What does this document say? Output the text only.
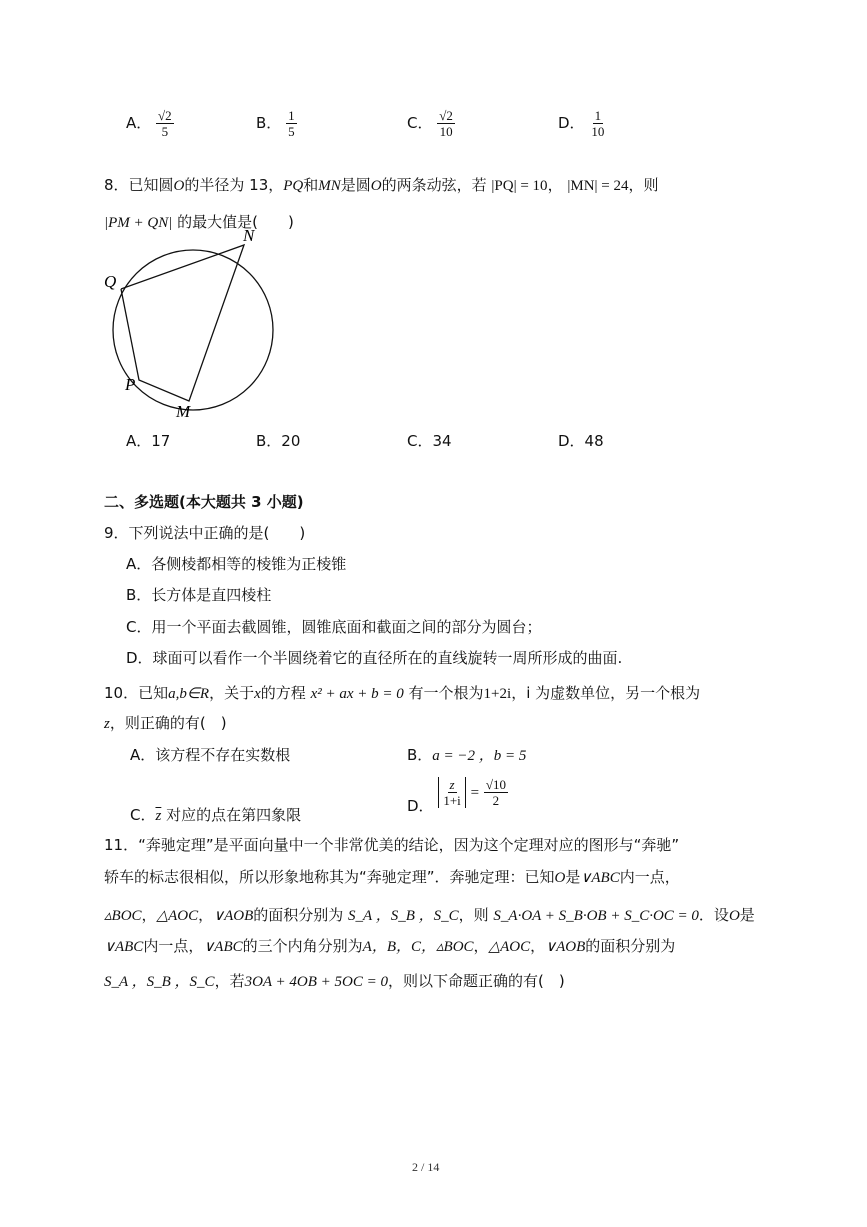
A． $\frac{√2}{5}$	B． $\frac{1}{5}$	C． $\frac{√2}{10}$	D． $\frac{1}{10}$
8．已知圆O的半径为 13，PQ和MN是圆O的两条动弦，若 |PQ| = 10， |MN| = 24，则
|PM + QN| 的最大值是(　　)
N
Q
P
M
A．17	B．20	C．34	D．48
二、多选题(本大题共 3 小题)
9．下列说法中正确的是(　　)
A．各侧棱都相等的棱锥为正棱锥
B．长方体是直四棱柱
C．用一个平面去截圆锥，圆锥底面和截面之间的部分为圆台；
D．球面可以看作一个半圆绕着它的直径所在的直线旋转一周所形成的曲面.
10．已知a,b∈R，关于x的方程 x² + ax + b = 0 有一个根为1+2i，i 为虚数单位，另一个根为
z，则正确的有(　)
A．该方程不存在实数根	B．a = −2 ，b = 5
C．$\overline{z}$ 对应的点在第四象限	D． $\frac{z}{1+i} = \frac{√10}{2}$
11．“奔驰定理”是平面向量中一个非常优美的结论，因为这个定理对应的图形与“奔驰”
轿车的标志很相似，所以形象地称其为“奔驰定理”．奔驰定理：已知O是∨ABC内一点，
▵BOC，△AOC，∨AOB的面积分别为 S_A ，S_B ，S_C，则 S_A·OA + S_B·OB + S_C·OC = 0．设O是
∨ABC内一点，∨ABC的三个内角分别为A，B，C，▵BOC，△AOC，∨AOB的面积分别为
S_A ，S_B ，S_C，若3OA + 4OB + 5OC = 0，则以下命题正确的有(　)
2 / 14
